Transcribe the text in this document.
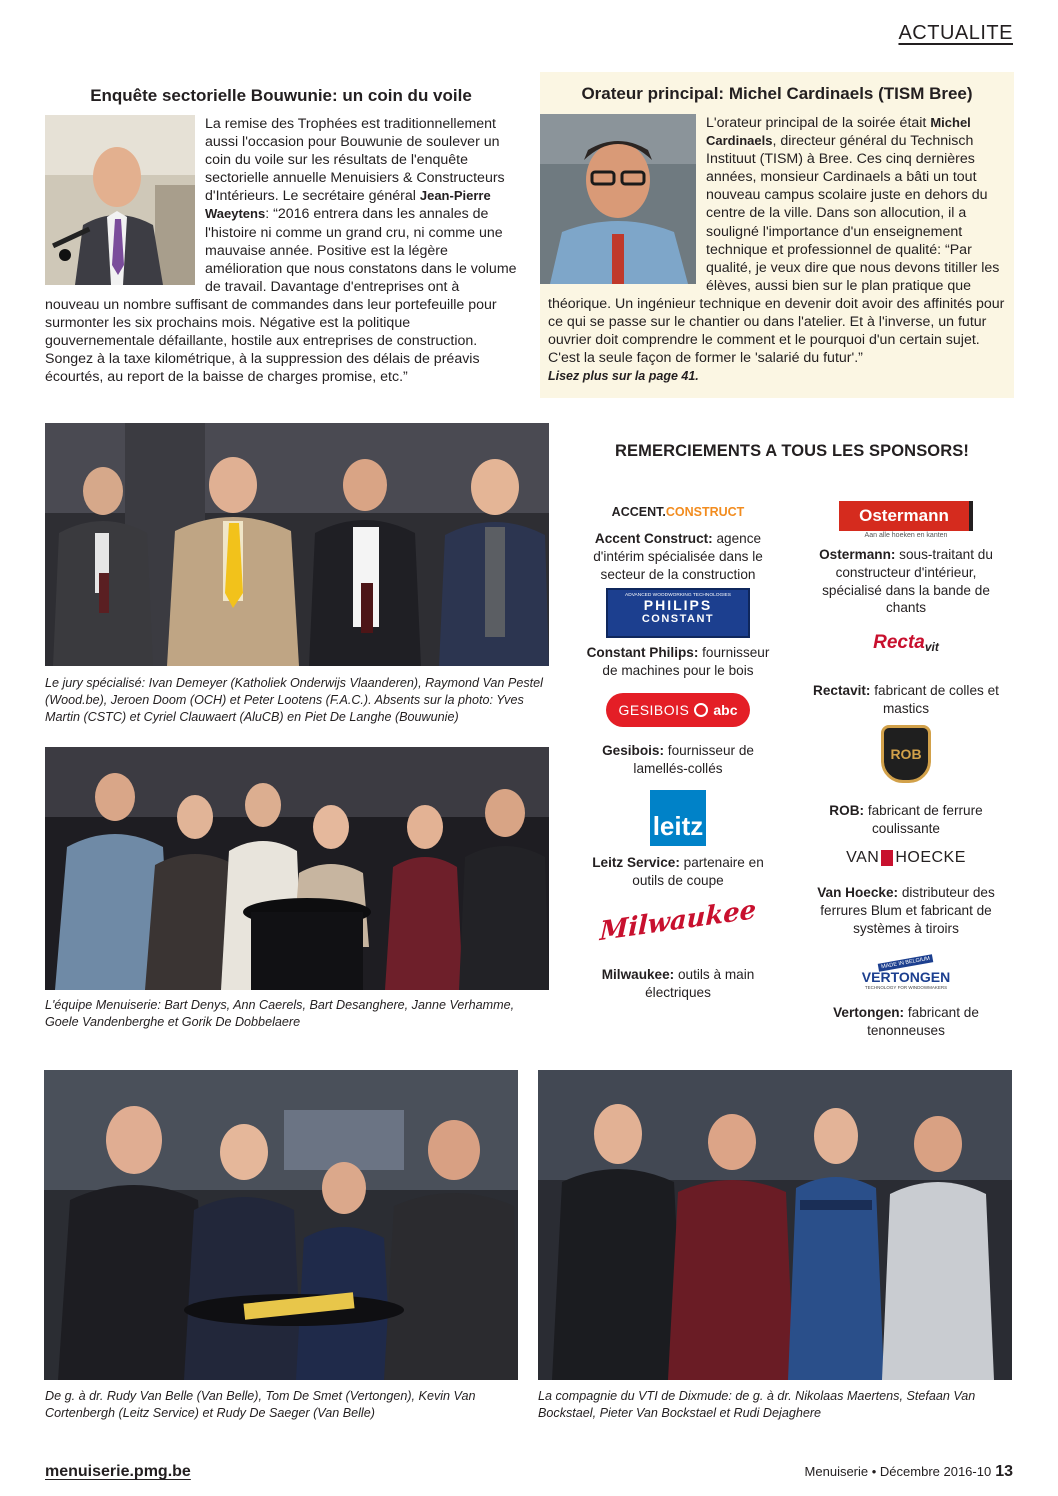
ACTUALITE
Enquête sectorielle Bouwunie: un coin du voile
La remise des Trophées est traditionnellement aussi l'occasion pour Bouwunie de soulever un coin du voile sur les résultats de l'enquête sectorielle annuelle Menuisiers & Constructeurs d'Intérieurs. Le secrétaire général Jean-Pierre Waeytens: “2016 entrera dans les annales de l'histoire ni comme un grand cru, ni comme une mauvaise année. Positive est la légère amélioration que nous constatons dans le volume de travail. Davantage d'entreprises ont à nouveau un nombre suffisant de commandes dans leur portefeuille pour surmonter les six prochains mois. Négative est la politique gouvernementale défaillante, hostile aux entreprises de construction. Songez à la taxe kilométrique, à la suppression des délais de préavis écourtés, au report de la baisse de charges promise, etc.”
Orateur principal: Michel Cardinaels (TISM Bree)
L'orateur principal de la soirée était Michel Cardinaels, directeur général du Technisch Instituut (TISM) à Bree. Ces cinq dernières années, monsieur Cardinaels a bâti un tout nouveau campus scolaire juste en dehors du centre de la ville. Dans son allocution, il a souligné l'importance d'un enseignement technique et professionnel de qualité: “Par qualité, je veux dire que nous devons titiller les élèves, aussi bien sur le plan pratique que théorique. Un ingénieur technique en devenir doit avoir des affinités pour ce qui se passe sur le chantier ou dans l'atelier. Et à l'inverse, un futur ouvrier doit comprendre le comment et le pourquoi d'un certain sujet. C'est la seule façon de former le 'salarié du futur'.”
Lisez plus sur la page 41.
Le jury spécialisé: Ivan Demeyer (Katholiek Onderwijs Vlaanderen), Raymond Van Pestel (Wood.be), Jeroen Doom (OCH) et Peter Lootens (F.A.C.). Absents sur la photo: Yves Martin (CSTC) et Cyriel Clauwaert (AluCB) en Piet De Langhe (Bouwunie)
L'équipe Menuiserie: Bart Denys, Ann Caerels, Bart Desanghere, Janne Verhamme, Goele Vandenberghe et Gorik De Dobbelaere
REMERCIEMENTS A TOUS LES SPONSORS!
ACCENT. CONSTRUCT
Accent Construct: agence d'intérim spécialisée dans le secteur de la construction
ADVANCED WOODWORKING TECHNOLOGIES
PHILIPS
CONSTANT
Constant Philips: fournisseur de machines pour le bois
GESIBOIS abc
Gesibois: fournisseur de lamellés-collés
leitz
Leitz Service: partenaire en outils de coupe
Milwaukee
Milwaukee: outils à main électriques
Ostermann
Aan alle hoeken en kanten
Ostermann: sous-traitant du constructeur d'intérieur, spécialisé dans la bande de chants
Recta vit
Rectavit: fabricant de colles et mastics
ROB
ROB: fabricant de ferrure coulissante
VAN HOECKE
Van Hoecke: distributeur des ferrures Blum et fabricant de systèmes à tiroirs
MADE IN BELGIUM
VERTONGEN
TECHNOLOGY FOR WINDOWMAKERS
Vertongen: fabricant de tenonneuses
De g. à dr. Rudy Van Belle (Van Belle), Tom De Smet (Vertongen), Kevin Van Cortenbergh (Leitz Service) et Rudy De Saeger (Van Belle)
La compagnie du VTI de Dixmude: de g. à dr. Nikolaas Maertens, Stefaan Van Bockstael, Pieter Van Bockstael et Rudi Dejaghere
menuiserie.pmg.be	Menuiserie • Décembre 2016-10 13
